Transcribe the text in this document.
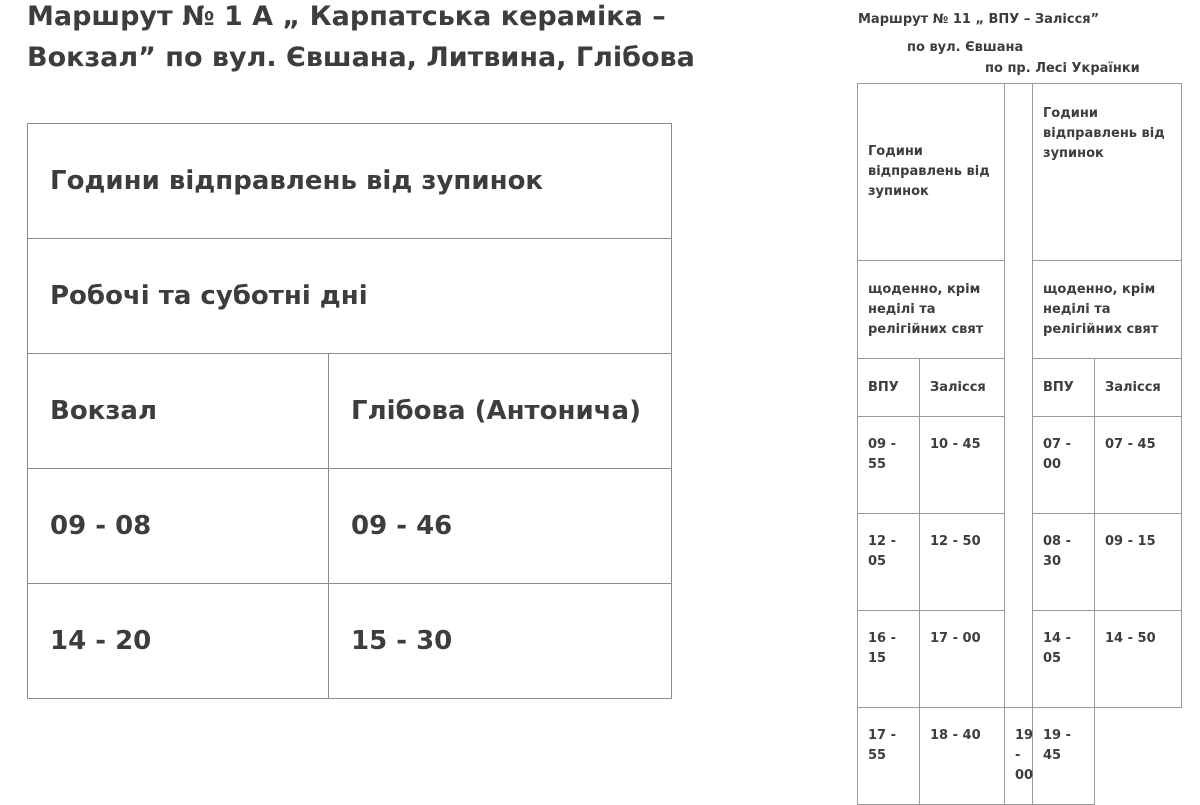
Маршрут № 1 А „ Карпатська кераміка – Вокзал” по вул. Євшана, Литвина, Глібова
Години відправлень від зупинок	
Робочі та суботні дні	
Вокзал	Глібова (Антонича)
09 - 08	09 - 46
14 - 20	15 - 30
Маршрут № 11 „ ВПУ – Залісся”
по вул. Євшана
по пр. Лесі Українки
Години відправлень від зупинок			Години відправлень від зупинок	
щоденно, крім неділі та релігійних свят			щоденно, крім неділі та релігійних свят	
ВПУ	Залісся		ВПУ	Залісся
09 - 55	10 - 45		07 - 00	07 - 45
12 - 05	12 - 50		08 - 30	09 - 15
16 - 15	17 - 00		14 - 05	14 - 50
17 - 55	18 - 40	19 - 00	19 - 45	
